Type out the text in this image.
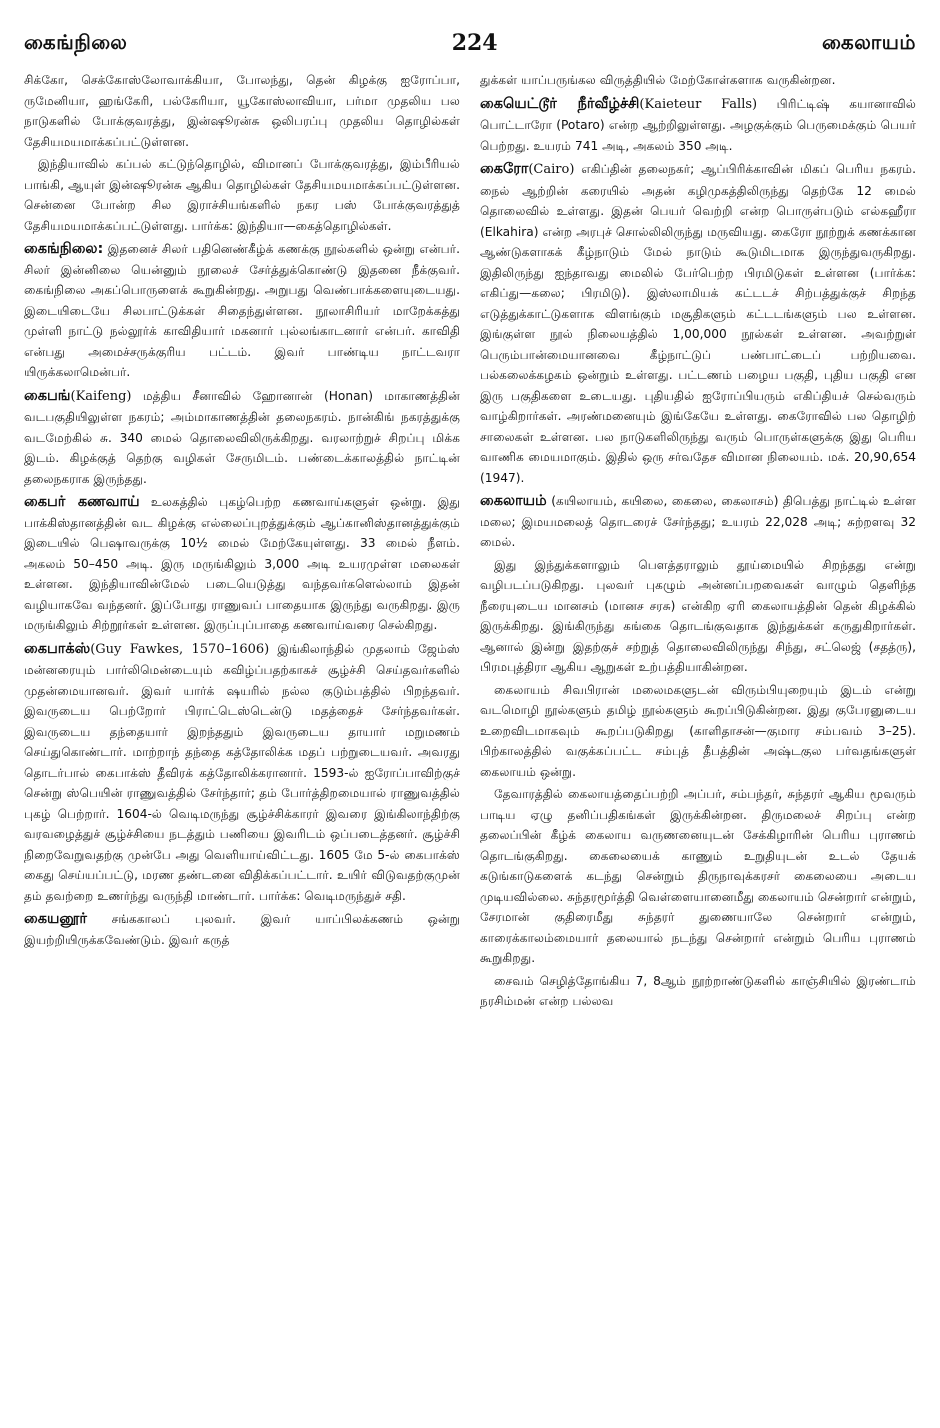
கைங்நிலை	224	கைலாயம்

சிக்கோ, செக்கோஸ்லோவாக்கியா, போலந்து, தென் கிழக்கு ஐரோப்பா, ருமேனியா, ஹங்கேரி, பல்கேரியா, யூகோஸ்லாவியா, பர்மா முதலிய பல நாடுகளில் போக்குவரத்து, இன்ஷூரன்சு ஒலிபரப்பு முதலிய தொழில்கள் தேசியமயமாக்கப்பட்டுள்ளன.

இந்தியாவில் கப்பல் கட்டுந்தொழில், விமானப் போக்குவரத்து, இம்பீரியல் பாங்கி, ஆயுள் இன்ஷூரன்சு ஆகிய தொழில்கள் தேசியமயமாக்கப்பட்டுள்ளன. சென்னை போன்ற சில இராச்சியங்களில் நகர பஸ் போக்குவரத்துத் தேசியமயமாக்கப்பட்டுள்ளது. பார்க்க: இந்தியா—கைத்தொழில்கள்.

கைங்நிலை: இதனைச் சிலர் பதினெண்கீழ்க் கணக்கு நூல்களில் ஒன்று என்பர். சிலர் இன்னிலை யென்னும் நூலைச் சேர்த்துக்கொண்டு இதனை நீக்குவர். கைங்நிலை அகப்பொருளைக் கூறுகின்றது. அறுபது வெண்பாக்களையுடையது. இடையிடையே சிலபாட்டுக்கள் சிதைந்துள்ளன. நூலாசிரியர் மாறேக்கத்து முள்ளி நாட்டு நல்லூர்க் காவிதியார் மகனார் புல்லங்காடனார் என்பர். காவிதி என்பது அமைச்சருக்குரிய பட்டம். இவர் பாண்டிய நாட்டவரா யிருக்கலாமென்பர்.

கைபங்(Kaifeng) மத்திய சீனாவில் ஹோனான் (Honan) மாகாணத்தின் வடபகுதியிலுள்ள நகரம்; அம்மாகாணத்தின் தலைநகரம். நான்கிங் நகரத்துக்கு வடமேற்கில் சு. 340 மைல் தொலைவிலிருக்கிறது. வரலாற்றுச் சிறப்பு மிக்க இடம். கிழக்குத் தெற்கு வழிகள் சேருமிடம். பண்டைக்காலத்தில் நாட்டின் தலைநகராக இருந்தது.

கைபர் கணவாய் உலகத்தில் புகழ்பெற்ற கணவாய்களுள் ஒன்று. இது பாக்கிஸ்தானத்தின் வட கிழக்கு எல்லைப்புறத்துக்கும் ஆப்கானிஸ்தானத்துக்கும் இடையில் பெஷாவருக்கு 10½ மைல் மேற்கேயுள்ளது. 33 மைல் நீளம். அகலம் 50–450 அடி. இரு மருங்கிலும் 3,000 அடி உயரமுள்ள மலைகள் உள்ளன. இந்தியாவின்மேல் படையெடுத்து வந்தவர்களெல்லாம் இதன் வழியாகவே வந்தனர். இப்போது ராணுவப் பாதையாக இருந்து வருகிறது. இரு மருங்கிலும் சிற்றூர்கள் உள்ளன. இருப்புப்பாதை கணவாய்வரை செல்கிறது.

கைபாக்ஸ்(Guy Fawkes, 1570–1606) இங்கிலாந்தில் முதலாம் ஜேம்ஸ் மன்னரையும் பார்லிமென்டையும் கவிழ்ப்பதற்காகச் சூழ்ச்சி செய்தவர்களில் முதன்மையானவர். இவர் யார்க் ஷயரில் நல்ல குடும்பத்தில் பிறந்தவர். இவருடைய பெற்றோர் பிராட்டெஸ்டென்டு மதத்தைச் சேர்ந்தவர்கள். இவருடைய தந்தையார் இறந்ததும் இவருடைய தாயார் மறுமணம் செய்துகொண்டார். மாற்றாந் தந்தை கத்தோலிக்க மதப் பற்றுடையவர். அவரது தொடர்பால் கைபாக்ஸ் தீவிரக் கத்தோலிக்கரானார். 1593-ல் ஐரோப்பாவிற்குச் சென்று ஸ்பெயின் ராணுவத்தில் சேர்ந்தார்; தம் போர்த்திறமையால் ராணுவத்தில் புகழ் பெற்றார். 1604-ல் வெடிமருந்து சூழ்ச்சிக்காரர் இவரை இங்கிலாந்திற்கு வரவழைத்துச் சூழ்ச்சியை நடத்தும் பணியை இவரிடம் ஒப்படைத்தனர். சூழ்ச்சி நிறைவேறுவதற்கு முன்பே அது வெளியாய்விட்டது. 1605 மே 5-ல் கைபாக்ஸ் கைது செய்யப்பட்டு, மரண தண்டனை விதிக்கப்பட்டார். உயிர் விடுவதற்குமுன் தம் தவற்றை உணர்ந்து வருந்தி மாண்டார். பார்க்க: வெடிமருந்துச் சதி.

கையனூர் சங்ககாலப் புலவர். இவர் யாப்பிலக்கணம் ஒன்று இயற்றியிருக்கவேண்டும். இவர் கருத்

துக்கள் யாப்பருங்கல விருத்தியில் மேற்கோள்களாக வருகின்றன.

கையெட்டூர் நீர்வீழ்ச்சி(Kaieteur Falls) பிரிட்டிஷ் கயானாவில் பொட்டாரோ (Potaro) என்ற ஆற்றிலுள்ளது. அழகுக்கும் பெருமைக்கும் பெயர் பெற்றது. உயரம் 741 அடி, அகலம் 350 அடி.

கைரோ(Cairo) எகிப்தின் தலைநகர்; ஆப்பிரிக்காவின் மிகப் பெரிய நகரம். நைல் ஆற்றின் கரையில் அதன் கழிமுகத்திலிருந்து தெற்கே 12 மைல் தொலைவில் உள்ளது. இதன் பெயர் வெற்றி என்ற பொருள்படும் எல்கஹீரா (Elkahira) என்ற அரபுச் சொல்லிலிருந்து மருவியது. கைரோ நூற்றுக் கணக்கான ஆண்டுகளாகக் கீழ்நாடும் மேல் நாடும் கூடுமிடமாக இருந்துவருகிறது. இதிலிருந்து ஐந்தாவது மைலில் பேர்பெற்ற பிரமிடுகள் உள்ளன (பார்க்க: எகிப்து—கலை; பிரமிடு). இஸ்லாமியக் கட்டடச் சிற்பத்துக்குச் சிறந்த எடுத்துக்காட்டுகளாக விளங்கும் மசூதிகளும் கட்டடங்களும் பல உள்ளன. இங்குள்ள நூல் நிலையத்தில் 1,00,000 நூல்கள் உள்ளன. அவற்றுள் பெரும்பான்மையானவை கீழ்நாட்டுப் பண்பாட்டைப் பற்றியவை. பல்கலைக்கழகம் ஒன்றும் உள்ளது. பட்டணம் பழைய பகுதி, புதிய பகுதி என இரு பகுதிகளை உடையது. புதியதில் ஐரோப்பியரும் எகிப்தியச் செல்வரும் வாழ்கிறார்கள். அரண்மனையும் இங்கேயே உள்ளது. கைரோவில் பல தொழிற் சாலைகள் உள்ளன. பல நாடுகளிலிருந்து வரும் பொருள்களுக்கு இது பெரிய வாணிக மையமாகும். இதில் ஒரு சர்வதேச விமான நிலையம். மக். 20,90,654 (1947).

கைலாயம் (கயிலாயம், கயிலை, கைலை, கைலாசம்) திபெத்து நாட்டில் உள்ள மலை; இமயமலைத் தொடரைச் சேர்ந்தது; உயரம் 22,028 அடி; சுற்றளவு 32 மைல்.

இது இந்துக்களாலும் பௌத்தராலும் தூய்மையில் சிறந்தது என்று வழிபடப்படுகிறது. புலவர் புகழும் அன்னப்பறவைகள் வாழும் தெளிந்த நீரையுடைய மானசம் (மானச சரசு) என்கிற ஏரி கைலாயத்தின் தென் கிழக்கில் இருக்கிறது. இங்கிருந்து கங்கை தொடங்குவதாக இந்துக்கள் கருதுகிறார்கள். ஆனால் இன்று இதற்குச் சற்றுத் தொலைவிலிருந்து சிந்து, சட்லெஜ் (சதத்ரு), பிரமபுத்திரா ஆகிய ஆறுகள் உற்பத்தியாகின்றன.

கைலாயம் சிவபிரான் மலைமகளுடன் விரும்பியுறையும் இடம் என்று வடமொழி நூல்களும் தமிழ் நூல்களும் கூறப்பிடுகின்றன. இது குபேரனுடைய உறைவிடமாகவும் கூறப்படுகிறது (காளிதாசன்—குமார சம்பவம் 3–25). பிற்காலத்தில் வகுக்கப்பட்ட சம்புத் தீபத்தின் அஷ்டகுல பர்வதங்களுள் கைலாயம் ஒன்று.

தேவாரத்தில் கைலாயத்தைப்பற்றி அப்பர், சம்பந்தர், சுந்தரர் ஆகிய மூவரும் பாடிய ஏழு தனிப்பதிகங்கள் இருக்கின்றன. திருமலைச் சிறப்பு என்ற தலைப்பின் கீழ்க் கைலாய வருணனையுடன் சேக்கிழாரின் பெரிய புராணம் தொடங்குகிறது. கைலையைக் காணும் உறுதியுடன் உடல் தேயக் கடுங்காடுகளைக் கடந்து சென்றும் திருநாவுக்கரசர் கைலையை அடைய முடியவில்லை. சுந்தரமூர்த்தி வெள்ளையானைமீது கைலாயம் சென்றார் என்றும், சேரமான் குதிரைமீது சுந்தரர் துணையாலே சென்றார் என்றும், காரைக்காலம்மையார் தலையால் நடந்து சென்றார் என்றும் பெரிய புராணம் கூறுகிறது.

சைவம் செழித்தோங்கிய 7, 8ஆம் நூற்றாண்டுகளில் காஞ்சியில் இரண்டாம் நரசிம்மன் என்ற பல்லவ
